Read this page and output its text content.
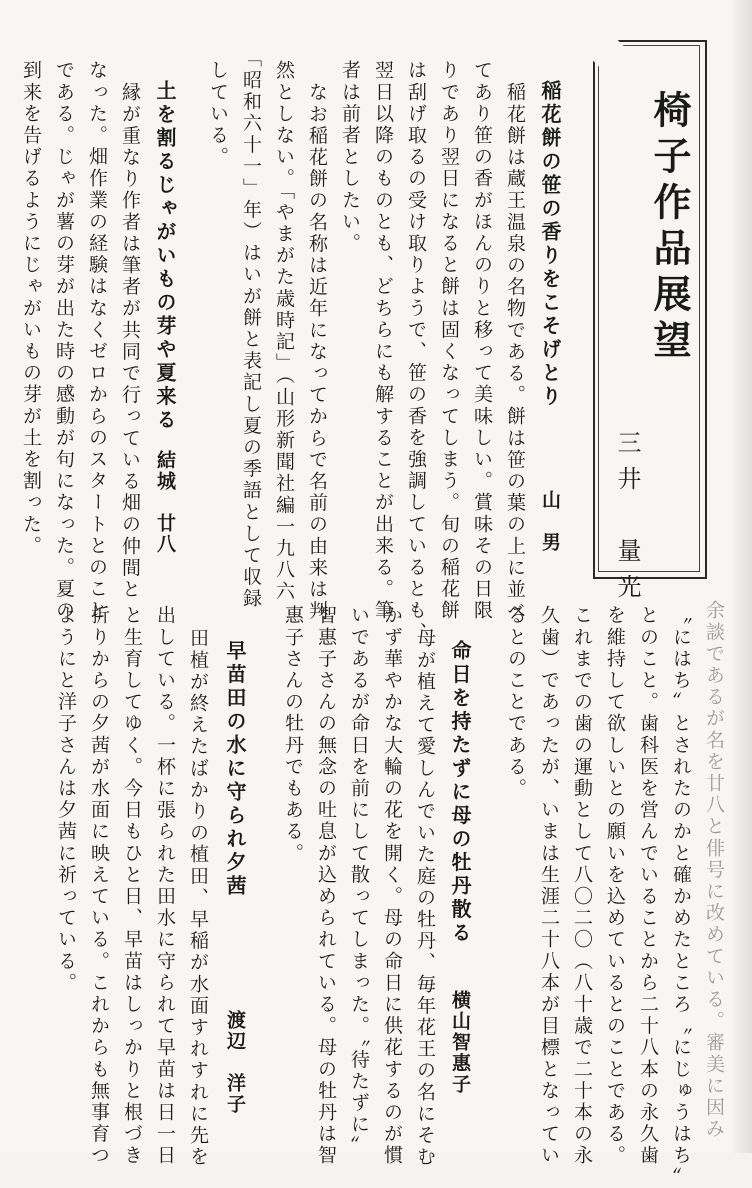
椅子作品展望
三井　量光
稲花餅の笹の香りをこそげとり
山　男
稲花餅は蔵王温泉の名物である。餅は笹の葉の上に並べ
てあり笹の香がほんのりと移って美味しい。賞味その日限
りであり翌日になると餅は固くなってしまう。旬の稲花餅
は刮げ取るの受け取りようで、笹の香を強調しているとも、
翌日以降のものとも、どちらにも解することが出来る。筆
者は前者としたい。
なお稲花餅の名称は近年になってからで名前の由来は判
然としない。「やまがた歳時記」（山形新聞社編一九八六
「昭和六十一」年）はいが餅と表記し夏の季語として収録
している。
土を割るじゃがいもの芽や夏来る
結城　廿八
縁が重なり作者は筆者が共同で行っている畑の仲間と
なった。畑作業の経験はなくゼロからのスタートとのこと
である。じゃが薯の芽が出た時の感動が句になった。夏の
到来を告げるようにじゃがいもの芽が土を割った。
余談であるが名を廿八と俳号に改めている。審美に因み
〝にはち〟とされたのかと確かめたところ〝にじゅうはち〟
とのこと。歯科医を営んでいることから二十八本の永久歯
を維持して欲しいとの願いを込めているとのことである。
これまでの歯の運動として八〇二〇（八十歳で二十本の永
久歯）であったが、いまは生涯二十八本が目標となってい
るとのことである。
命日を持たずに母の牡丹散る
横山智惠子
母が植えて愛しんでいた庭の牡丹、毎年花王の名にそむ
かず華やかな大輪の花を開く。母の命日に供花するのが慣
いであるが命日を前にして散ってしまった。〝待たずに〟
智惠子さんの無念の吐息が込められている。母の牡丹は智
惠子さんの牡丹でもある。
早苗田の水に守られ夕茜
渡辺　洋子
田植が終えたばかりの植田、早稲が水面すれすれに先を
出している。一杯に張られた田水に守られて早苗は日一日
と生育してゆく。今日もひと日、早苗はしっかりと根づき
折りからの夕茜が水面に映えている。これからも無事育つ
ようにと洋子さんは夕茜に祈っている。
